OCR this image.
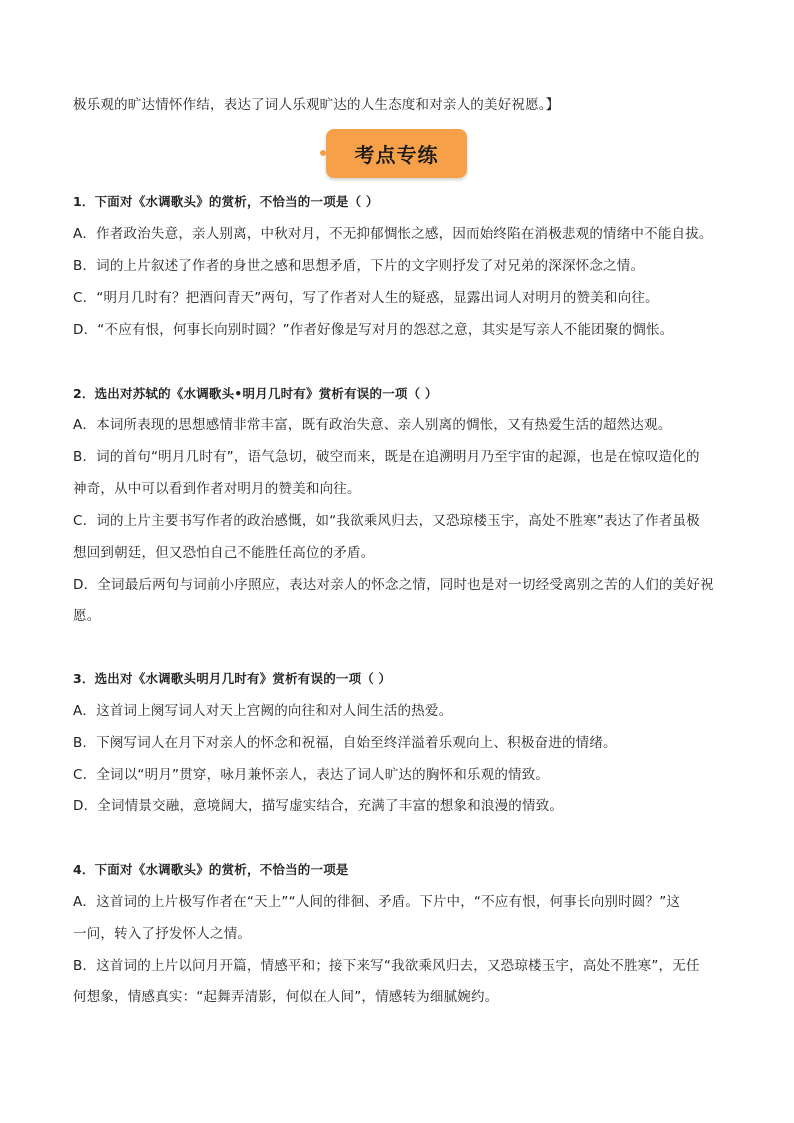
极乐观的旷达情怀作结，表达了词人乐观旷达的人生态度和对亲人的美好祝愿。】
考点专练
1．下面对《水调歌头》的赏析，不恰当的一项是（ ）
A．作者政治失意，亲人别离，中秋对月，不无抑郁惆怅之感，因而始终陷在消极悲观的情绪中不能自拔。
B．词的上片叙述了作者的身世之感和思想矛盾，下片的文字则抒发了对兄弟的深深怀念之情。
C．“明月几时有？把酒问青天”两句，写了作者对人生的疑惑，显露出词人对明月的赞美和向往。
D．“不应有恨，何事长向别时圆？”作者好像是写对月的怨怼之意，其实是写亲人不能团聚的惆怅。
2．选出对苏轼的《水调歌头•明月几时有》赏析有误的一项（ ）
A．本词所表现的思想感情非常丰富，既有政治失意、亲人别离的惆怅，又有热爱生活的超然达观。
B．词的首句“明月几时有”，语气急切，破空而来，既是在追溯明月乃至宇宙的起源，也是在惊叹造化的
神奇，从中可以看到作者对明月的赞美和向往。
C．词的上片主要书写作者的政治感慨，如“我欲乘风归去，又恐琼楼玉宇，高处不胜寒”表达了作者虽极
想回到朝廷，但又恐怕自己不能胜任高位的矛盾。
D．全词最后两句与词前小序照应，表达对亲人的怀念之情，同时也是对一切经受离别之苦的人们的美好祝
愿。
3．选出对《水调歌头明月几时有》赏析有误的一项（ ）
A．这首词上阕写词人对天上宫阙的向往和对人间生活的热爱。
B．下阕写词人在月下对亲人的怀念和祝福，自始至终洋溢着乐观向上、积极奋进的情绪。
C．全词以“明月”贯穿，咏月兼怀亲人，表达了词人旷达的胸怀和乐观的情致。
D．全词情景交融，意境阔大，描写虚实结合，充满了丰富的想象和浪漫的情致。
4．下面对《水调歌头》的赏析，不恰当的一项是
A．这首词的上片极写作者在“天上”“人间的徘徊、矛盾。下片中，“不应有恨，何事长向别时圆？”这
一问，转入了抒发怀人之情。
B．这首词的上片以问月开篇，情感平和；接下来写“我欲乘风归去，又恐琼楼玉宇，高处不胜寒”，无任
何想象，情感真实：“起舞弄清影，何似在人间”，情感转为细腻婉约。
